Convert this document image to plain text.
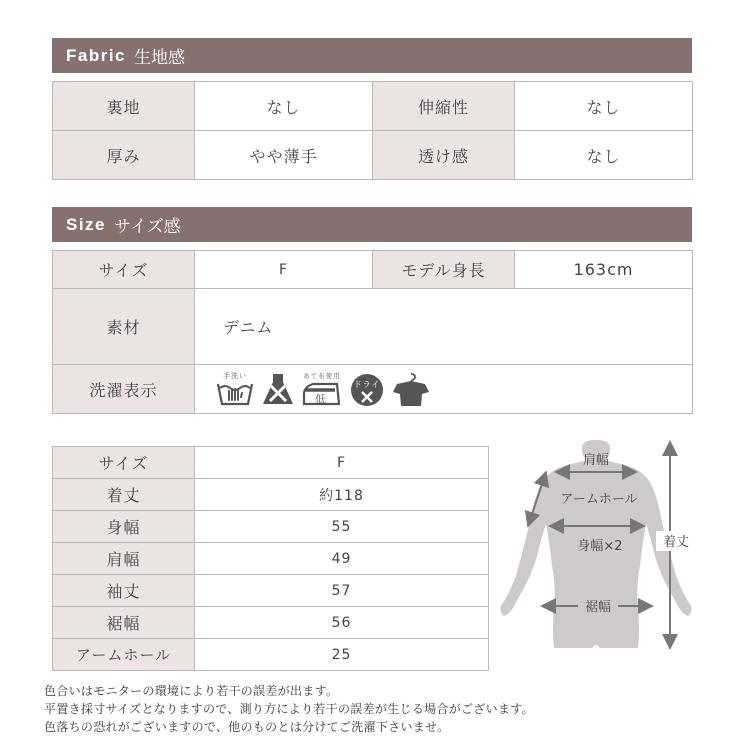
Fabric 生地感
裏地	なし	伸縮性	なし
厚み	やや薄手	透け感	なし
Size サイズ感
サイズ	F	モデル身長	163cm
素材	デニム		
洗濯表示	手洗い あて布使用
低
ドライ		
サイズ	F
着丈	約118
身幅	55
肩幅	49
袖丈	57
裾幅	56
アームホール	25
肩幅
アームホール
身幅×2
裾幅
着丈
色合いはモニターの環境により若干の誤差が出ます。
平置き採寸サイズとなりますので、測り方により若干の誤差が生じる場合がございます。
色落ちの恐れがございますので、他のものとは分けてご洗濯下さいませ。
